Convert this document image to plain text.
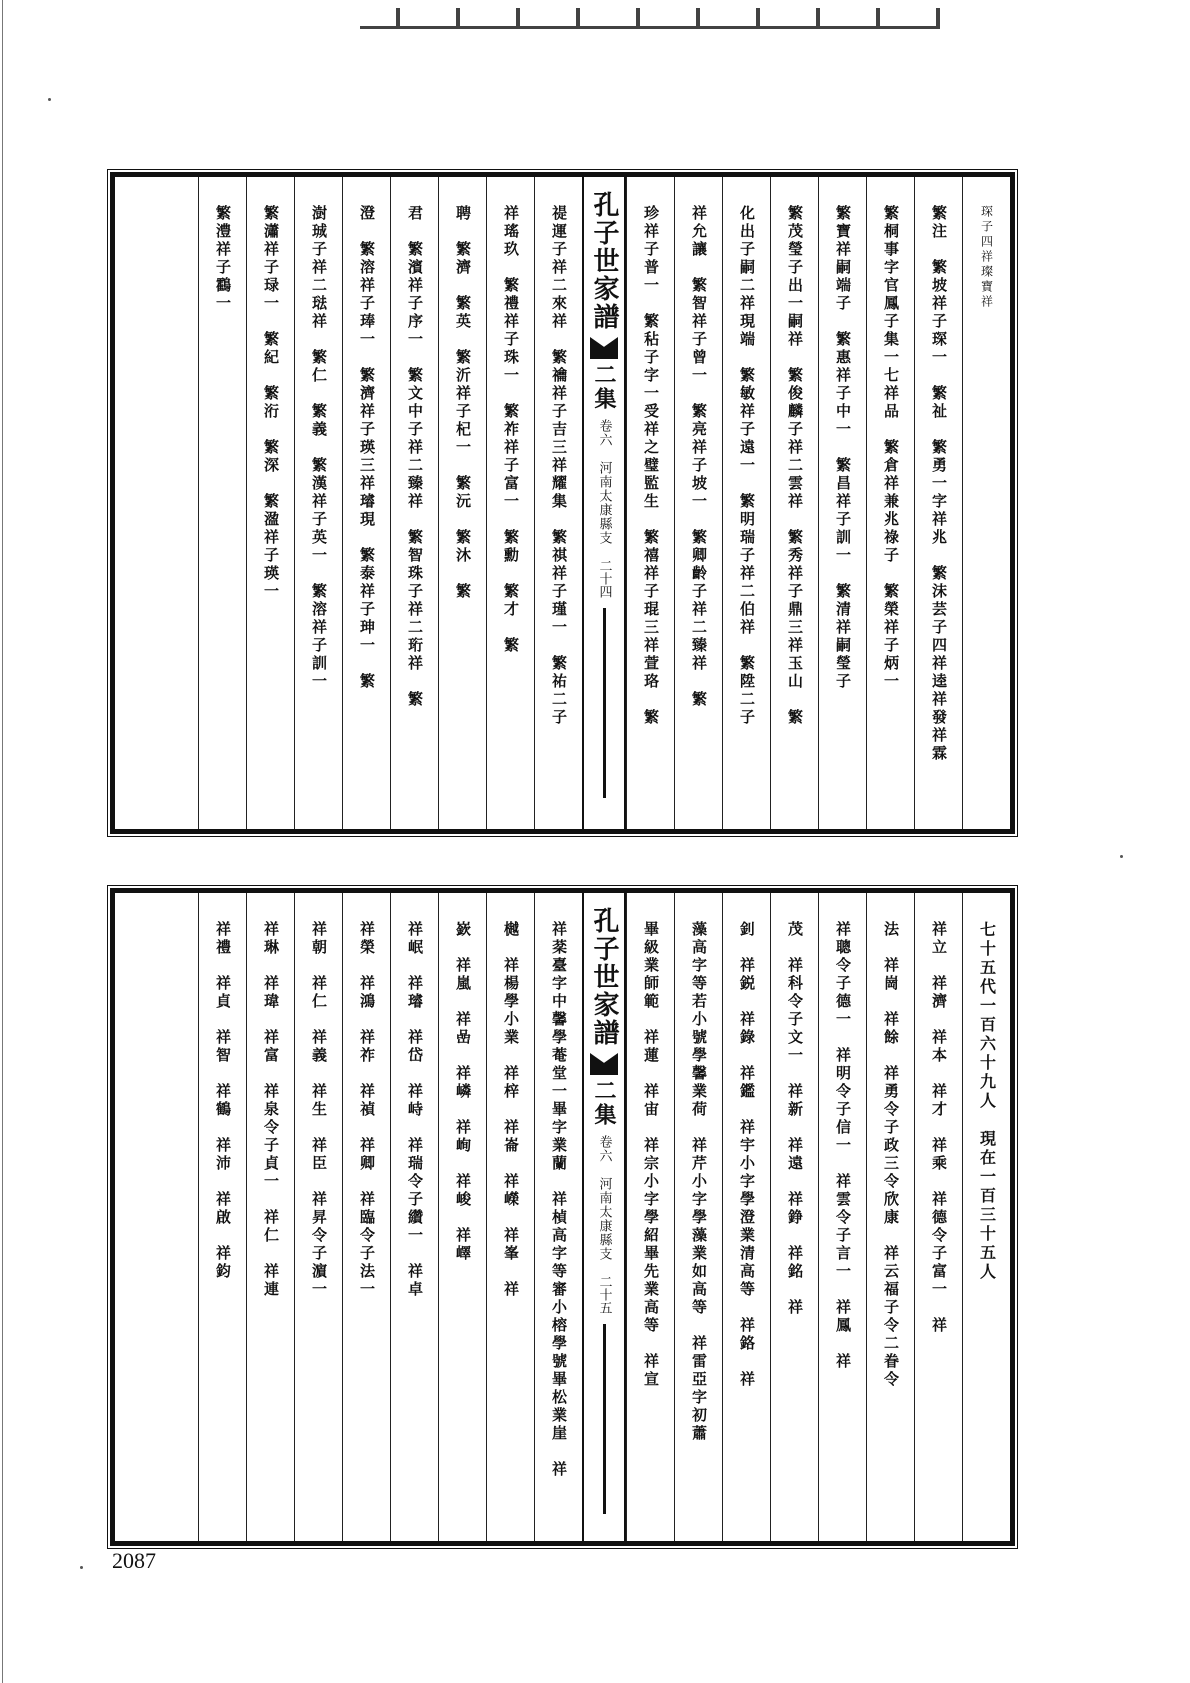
琛子四祥璨寶祥
繁注　繁坡祥子琛一　繁祉　繁勇一字祥兆　繁沫芸子四祥逵祥發祥霖
繁桐事字官鳳子集一七祥品　繁倉祥兼兆祿子　繁榮祥子炳一
繁寶祥嗣端子　繁惠祥子中一　繁昌祥子訓一　繁清祥嗣瑩子
繁茂瑩子出一嗣祥　繁俊麟子祥二雲祥　繁秀祥子鼎三祥玉山　繁
化出子嗣二祥現端　繁敏祥子遠一　繁明瑞子祥二伯祥　繁陞二子
祥允讓　繁智祥子曾一　繁亮祥子坡一　繁卿齡子祥二臻祥　繁
珍祥子普一　繁秥子字一受祥之璧監生　繁禧祥子琨三祥萱珞　繁
孔子世家譜
二集
卷六　河南太康縣支
二十四
禔運子祥二來祥　繁禴祥子吉三祥耀集　繁祺祥子瑾一　繁祐二子
祥瑤玖　繁禮祥子珠一　繁祚祥子富一　繁勳　繁才　繁
聘　繁濟　繁英　繁沂祥子杞一　繁沅　繁沐　繁
君　繁濱祥子序一　繁文中子祥二臻祥　繁智珠子祥二珩祥　繁
澄　繁溶祥子琫一　繁濟祥子瑛三祥璿現　繁泰祥子珅一　繁
澍珹子祥二琺祥　繁仁　繁義　繁漢祥子英一　繁溶祥子訓一
繁瀟祥子琭一　繁紀　繁洐　繁深　繁溋祥子瑛一
繁澧祥子鸖一
七十五代一百六十九人　現在一百三十五人
祥立　祥濟　祥本　祥才　祥乘　祥德令子富一　祥
法　祥崗　祥餘　祥勇令子政三令欣康　祥云福子令二眷令
祥聰令子德一　祥明令子信一　祥雲令子言一　祥鳳　祥
茂　祥科令子文一　祥新　祥遠　祥錚　祥銘　祥
釗　祥鋭　祥錄　祥鑑　祥宇小字學澄業清高等　祥鉻　祥
藻高字等若小號學馨業荷　祥芹小字學藻業如高等　祥雷亞字初蕭
畢級業師範　祥蓮　祥宙　祥宗小字學紹畢先業高等　祥宣
孔子世家譜
二集
卷六　河南太康縣支
二十五
祥棻臺字中馨學菴堂一畢字業蘭　祥楨高字等審小榕學號畢松業崖　祥
樾　祥楊學小業　祥梓　祥崙　祥嶸　祥峯　祥
嶔　祥嵐　祥嵒　祥嶙　祥峋　祥峻　祥嶧
祥岷　祥璿　祥岱　祥峙　祥瑞令子纘一　祥卓
祥榮　祥鴻　祥祚　祥禎　祥卿　祥臨令子法一
祥朝　祥仁　祥義　祥生　祥臣　祥昇令子濵一
祥琳　祥瑋　祥富　祥泉令子貞一　祥仁　祥連
祥禮　祥貞　祥智　祥鶴　祥沛　祥啟　祥鈞
2087
